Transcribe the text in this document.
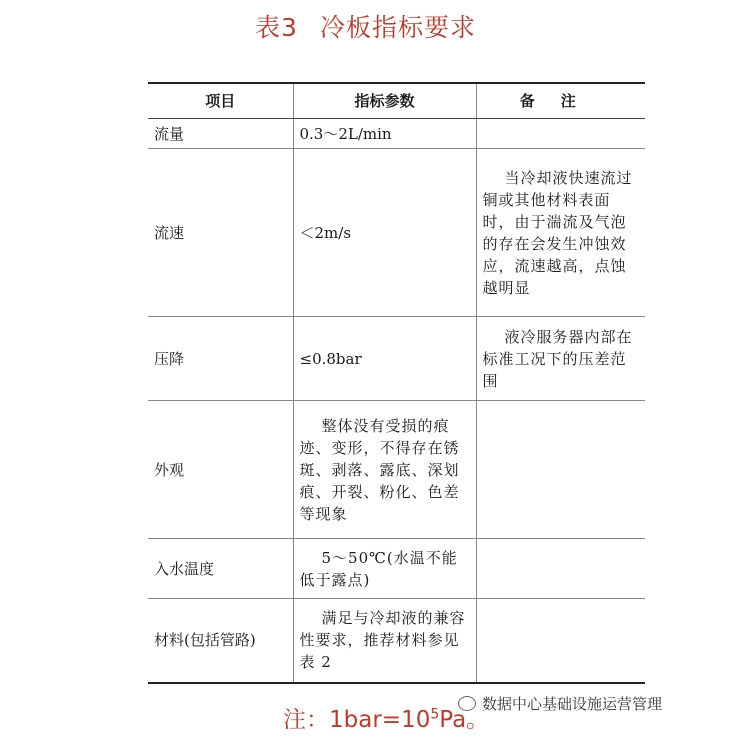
表3 冷板指标要求
项目	指标参数	备注
流量	0.3～2L/min	
流速	＜2m/s	当冷却液快速流过铜或其他材料表面时，由于湍流及气泡的存在会发生冲蚀效应，流速越高，点蚀越明显
压降	≤0.8bar	液冷服务器内部在标准工况下的压差范围
外观	整体没有受损的痕迹、变形，不得存在锈斑、剥落、露底、深划痕、开裂、粉化、色差等现象	
入水温度	5～50℃(水温不能低于露点)	
材料(包括管路)	满足与冷却液的兼容性要求，推荐材料参见表 2	
注：$1bar=10^5Pa$。
数据中心基础设施运营管理
